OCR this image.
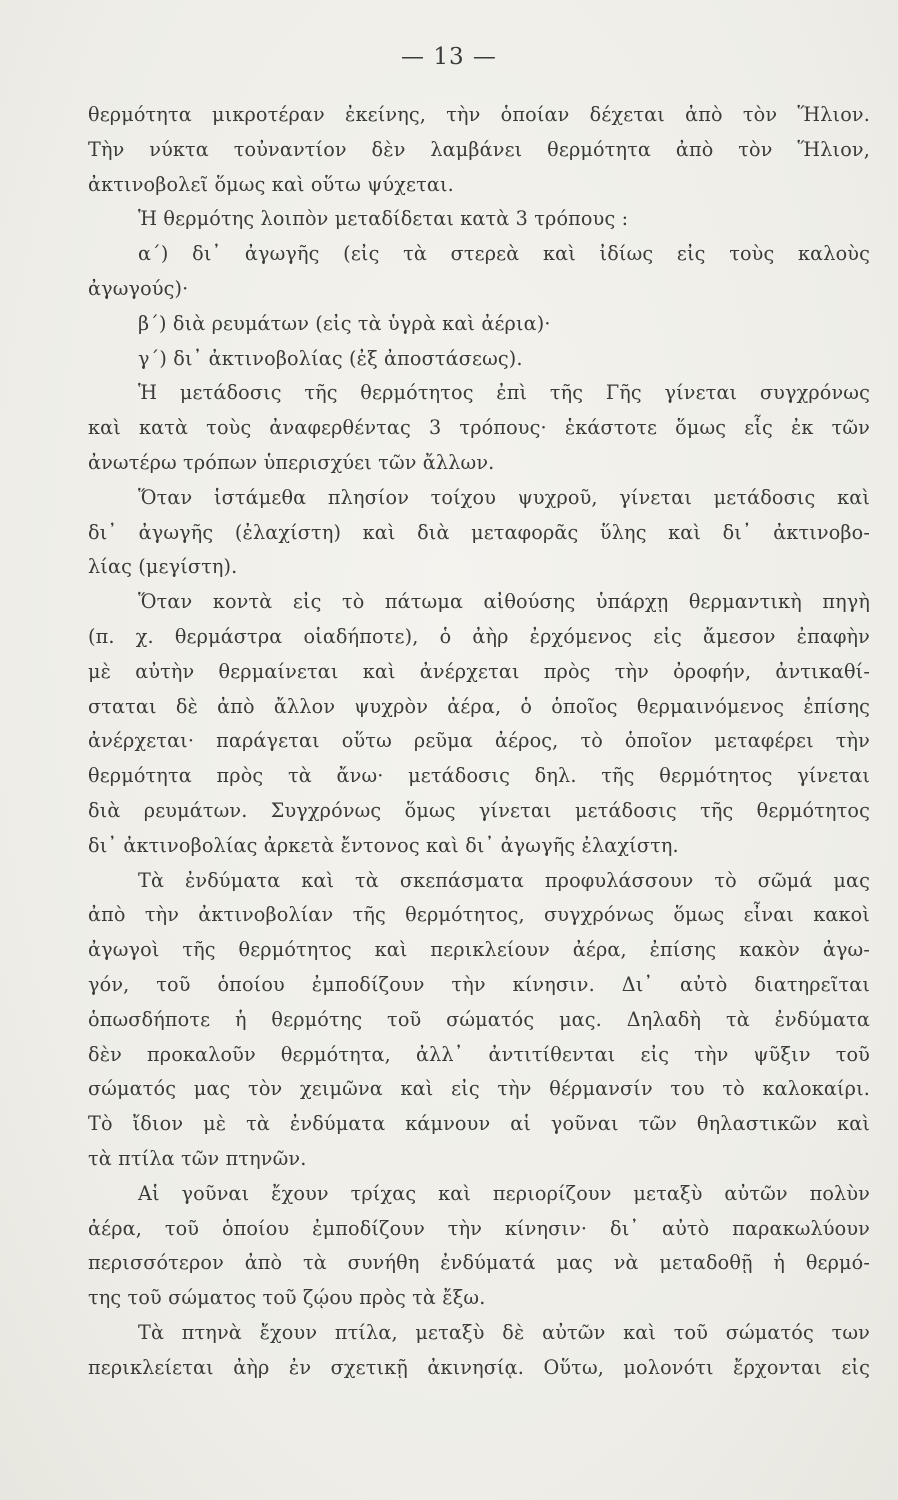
— 13 —
θερμότητα μικροτέραν ἐκείνης, τὴν ὁποίαν δέχεται ἀπὸ τὸν Ἥλιον.
Τὴν νύκτα τοὐναντίον δὲν λαμβάνει θερμότητα ἀπὸ τὸν Ἥλιον,
ἀκτινοβολεῖ ὅμως καὶ οὕτω ψύχεται.
Ἡ θερμότης λοιπὸν μεταδίδεται κατὰ 3 τρόπους :
α΄) δι᾿ ἀγωγῆς (εἰς τὰ στερεὰ καὶ ἰδίως εἰς τοὺς καλοὺς
ἀγωγούς)·
β΄) διὰ ρευμάτων (εἰς τὰ ὑγρὰ καὶ ἀέρια)·
γ΄) δι᾿ ἀκτινοβολίας (ἐξ ἀποστάσεως).
Ἡ μετάδοσις τῆς θερμότητος ἐπὶ τῆς Γῆς γίνεται συγχρόνως
καὶ κατὰ τοὺς ἀναφερθέντας 3 τρόπους· ἑκάστοτε ὅμως εἷς ἐκ τῶν
ἀνωτέρω τρόπων ὑπερισχύει τῶν ἄλλων.
Ὅταν ἱστάμεθα πλησίον τοίχου ψυχροῦ, γίνεται μετάδοσις καὶ
δι᾿ ἀγωγῆς (ἐλαχίστη) καὶ διὰ μεταφορᾶς ὕλης καὶ δι᾿ ἀκτινοβο-
λίας (μεγίστη).
Ὅταν κοντὰ εἰς τὸ πάτωμα αἰθούσης ὑπάρχῃ θερμαντικὴ πηγὴ
(π. χ. θερμάστρα οἱαδήποτε), ὁ ἀὴρ ἐρχόμενος εἰς ἄμεσον ἐπαφὴν
μὲ αὐτὴν θερμαίνεται καὶ ἀνέρχεται πρὸς τὴν ὀροφήν, ἀντικαθί-
σταται δὲ ἀπὸ ἄλλον ψυχρὸν ἀέρα, ὁ ὁποῖος θερμαινόμενος ἐπίσης
ἀνέρχεται· παράγεται οὕτω ρεῦμα ἀέρος, τὸ ὁποῖον μεταφέρει τὴν
θερμότητα πρὸς τὰ ἄνω· μετάδοσις δηλ. τῆς θερμότητος γίνεται
διὰ ρευμάτων. Συγχρόνως ὅμως γίνεται μετάδοσις τῆς θερμότητος
δι᾿ ἀκτινοβολίας ἀρκετὰ ἔντονος καὶ δι᾿ ἀγωγῆς ἐλαχίστη.
Τὰ ἐνδύματα καὶ τὰ σκεπάσματα προφυλάσσουν τὸ σῶμά μας
ἀπὸ τὴν ἀκτινοβολίαν τῆς θερμότητος, συγχρόνως ὅμως εἶναι κακοὶ
ἀγωγοὶ τῆς θερμότητος καὶ περικλείουν ἀέρα, ἐπίσης κακὸν ἀγω-
γόν, τοῦ ὁποίου ἐμποδίζουν τὴν κίνησιν. Δι᾿ αὐτὸ διατηρεῖται
ὁπωσδήποτε ἡ θερμότης τοῦ σώματός μας. Δηλαδὴ τὰ ἐνδύματα
δὲν προκαλοῦν θερμότητα, ἀλλ᾿ ἀντιτίθενται εἰς τὴν ψῦξιν τοῦ
σώματός μας τὸν χειμῶνα καὶ εἰς τὴν θέρμανσίν του τὸ καλοκαίρι.
Τὸ ἴδιον μὲ τὰ ἐνδύματα κάμνουν αἱ γοῦναι τῶν θηλαστικῶν καὶ
τὰ πτίλα τῶν πτηνῶν.
Αἱ γοῦναι ἔχουν τρίχας καὶ περιορίζουν μεταξὺ αὐτῶν πολὺν
ἀέρα, τοῦ ὁποίου ἐμποδίζουν τὴν κίνησιν· δι᾿ αὐτὸ παρακωλύουν
περισσότερον ἀπὸ τὰ συνήθη ἐνδύματά μας νὰ μεταδοθῇ ἡ θερμό-
της τοῦ σώματος τοῦ ζῴου πρὸς τὰ ἔξω.
Τὰ πτηνὰ ἔχουν πτίλα, μεταξὺ δὲ αὐτῶν καὶ τοῦ σώματός των
περικλείεται ἀὴρ ἐν σχετικῇ ἀκινησίᾳ. Οὕτω, μολονότι ἔρχονται εἰς
